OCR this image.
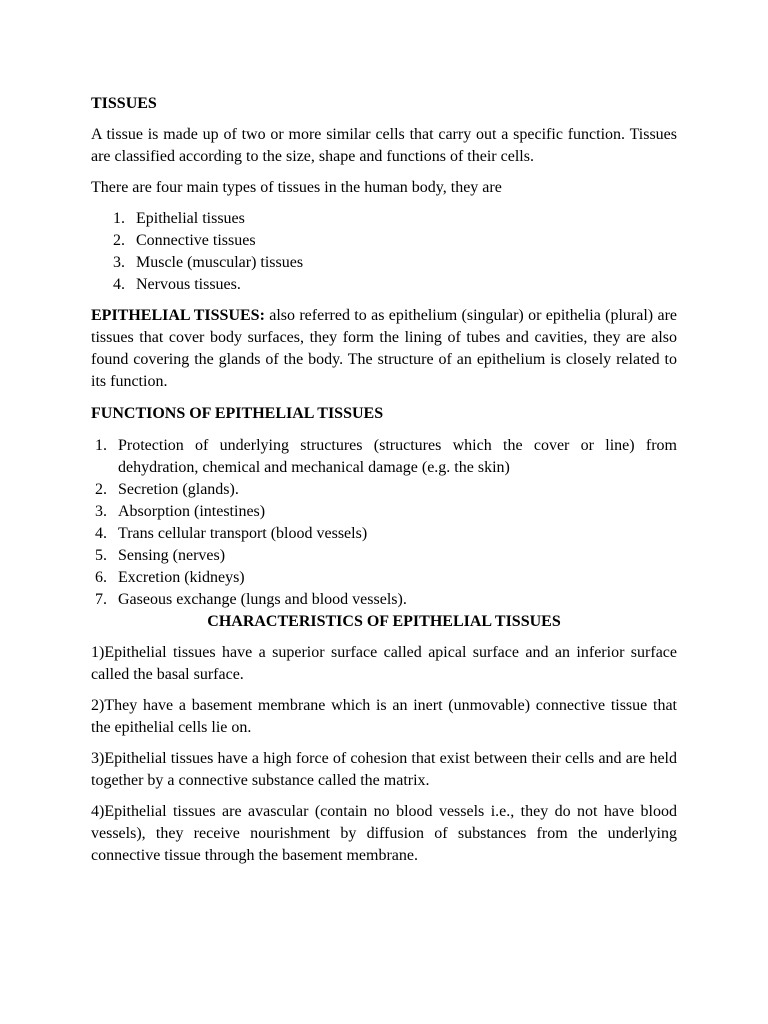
TISSUES

A tissue is made up of two or more similar cells that carry out a specific function. Tissues are classified according to the size, shape and functions of their cells.

There are four main types of tissues in the human body, they are

1. Epithelial tissues
2. Connective tissues
3. Muscle (muscular) tissues
4. Nervous tissues.

EPITHELIAL TISSUES: also referred to as epithelium (singular) or epithelia (plural) are tissues that cover body surfaces, they form the lining of tubes and cavities, they are also found covering the glands of the body. The structure of an epithelium is closely related to its function.

FUNCTIONS OF EPITHELIAL TISSUES

1. Protection of underlying structures (structures which the cover or line) from dehydration, chemical and mechanical damage (e.g. the skin)
2. Secretion (glands).
3. Absorption (intestines)
4. Trans cellular transport (blood vessels)
5. Sensing (nerves)
6. Excretion (kidneys)
7. Gaseous exchange (lungs and blood vessels).

CHARACTERISTICS OF EPITHELIAL TISSUES

1)Epithelial tissues have a superior surface called apical surface and an inferior surface called the basal surface.

2)They have a basement membrane which is an inert (unmovable) connective tissue that the epithelial cells lie on.

3)Epithelial tissues have a high force of cohesion that exist between their cells and are held together by a connective substance called the matrix.

4)Epithelial tissues are avascular (contain no blood vessels i.e., they do not have blood vessels), they receive nourishment by diffusion of substances from the underlying connective tissue through the basement membrane.
